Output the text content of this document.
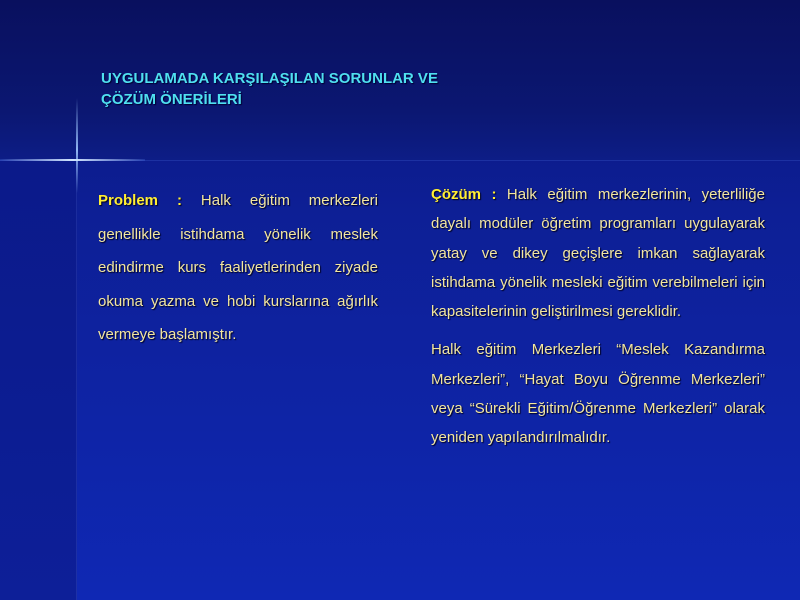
UYGULAMADA KARŞILAŞILAN SORUNLAR VE
ÇÖZÜM ÖNERİLERİ

Problem : Halk eğitim merkezleri genellikle istihdama yönelik meslek edindirme kurs faaliyetlerinden ziyade okuma yazma ve hobi kurslarına ağırlık vermeye başlamıştır.

Çözüm : Halk eğitim merkezlerinin, yeterliliğe dayalı modüler öğretim programları uygulayarak yatay ve dikey geçişlere imkan sağlayarak istihdama yönelik mesleki eğitim verebilmeleri için kapasitelerinin geliştirilmesi gereklidir.

Halk eğitim Merkezleri “Meslek Kazandırma Merkezleri”, “Hayat Boyu Öğrenme Merkezleri” veya “Sürekli Eğitim/Öğrenme Merkezleri” olarak yeniden yapılandırılmalıdır.
